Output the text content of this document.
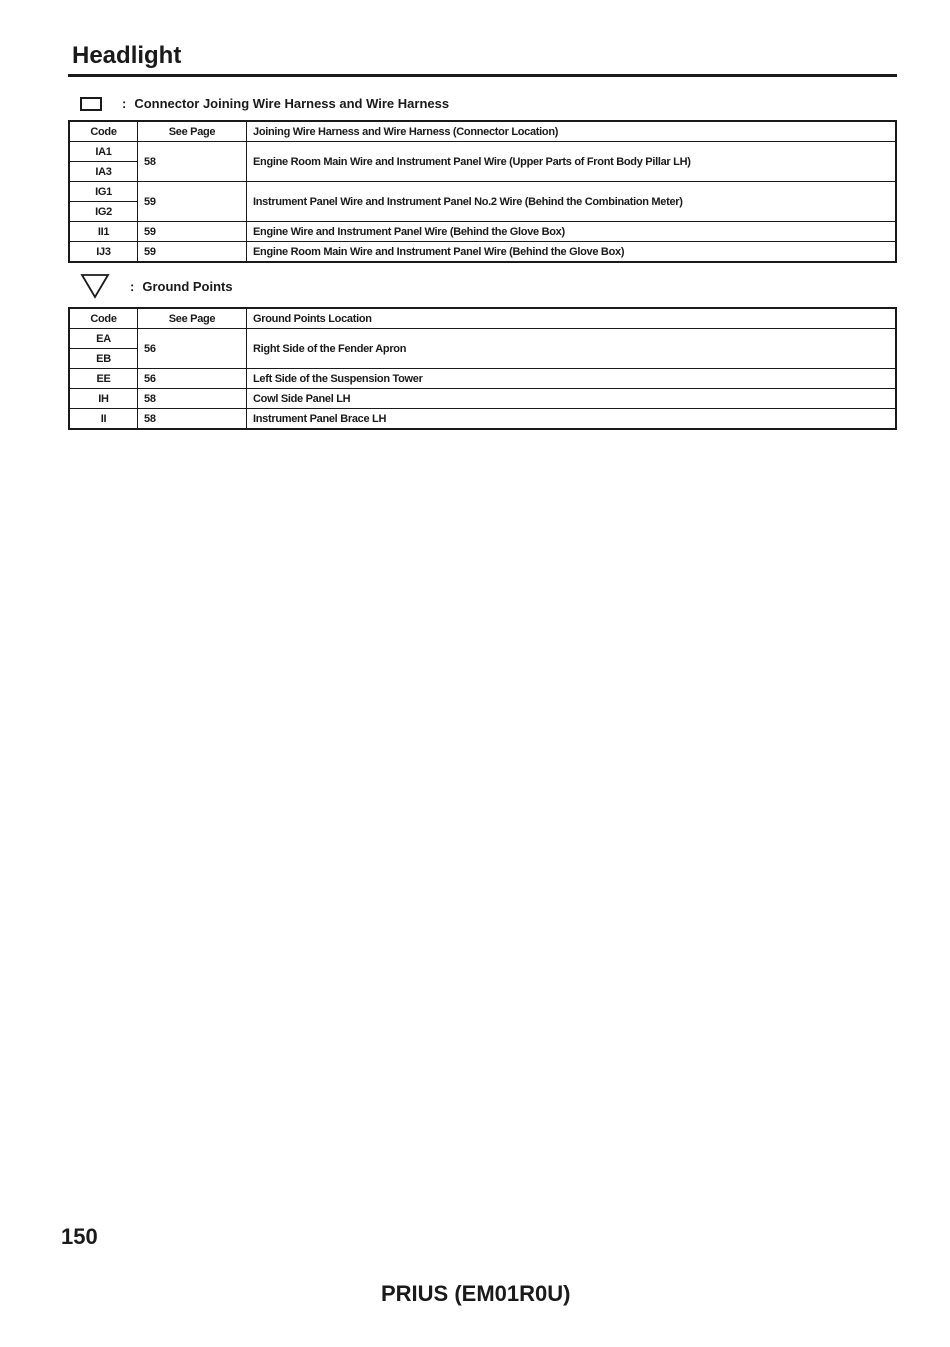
Headlight
: Connector Joining Wire Harness and Wire Harness
Code	See Page	Joining Wire Harness and Wire Harness (Connector Location)
IA1	58	Engine Room Main Wire and Instrument Panel Wire (Upper Parts of Front Body Pillar LH)
IA3		
IG1	59	Instrument Panel Wire and Instrument Panel No.2 Wire (Behind the Combination Meter)
IG2		
II1	59	Engine Wire and Instrument Panel Wire (Behind the Glove Box)
IJ3	59	Engine Room Main Wire and Instrument Panel Wire (Behind the Glove Box)
: Ground Points
Code	See Page	Ground Points Location
EA	56	Right Side of the Fender Apron
EB		
EE	56	Left Side of the Suspension Tower
IH	58	Cowl Side Panel LH
II	58	Instrument Panel Brace LH
150
PRIUS (EM01R0U)
